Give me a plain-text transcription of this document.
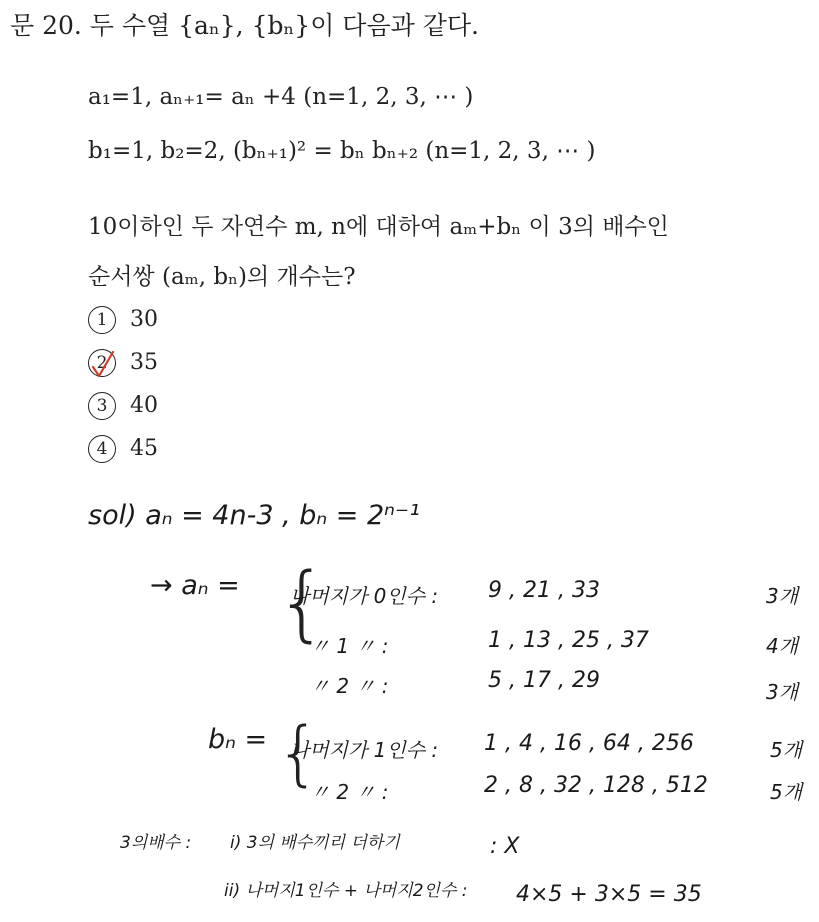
문 20. 두 수열 {aₙ}, {bₙ}이 다음과 같다.
a₁=1, aₙ₊₁= aₙ +4 (n=1, 2, 3, ⋯ )
b₁=1, b₂=2, (bₙ₊₁)² = bₙ bₙ₊₂ (n=1, 2, 3, ⋯ )
10이하인 두 자연수 m, n에 대하여 aₘ+bₙ 이 3의 배수인
순서쌍 (aₘ, bₙ)의 개수는?
1 30
2 35
3 40
4 45
sol) aₙ = 4n-3 , bₙ = 2ⁿ⁻¹
→ aₙ = {
나머지가 0인수 : 9 , 21 , 33	3개
〃 1 〃 :	1 , 13 , 25 , 37	4개
〃 2 〃 :	5 , 17 , 29	3개
bₙ = {
나머지가 1인수 : 1 , 4 , 16 , 64 , 256	5개
〃 2 〃 :	2 , 8 , 32 , 128 , 512	5개
3의배수 : i) 3의 배수끼리 더하기	: X
ii) 나머지1인수 + 나머지2인수 : 4×5 + 3×5 = 35
